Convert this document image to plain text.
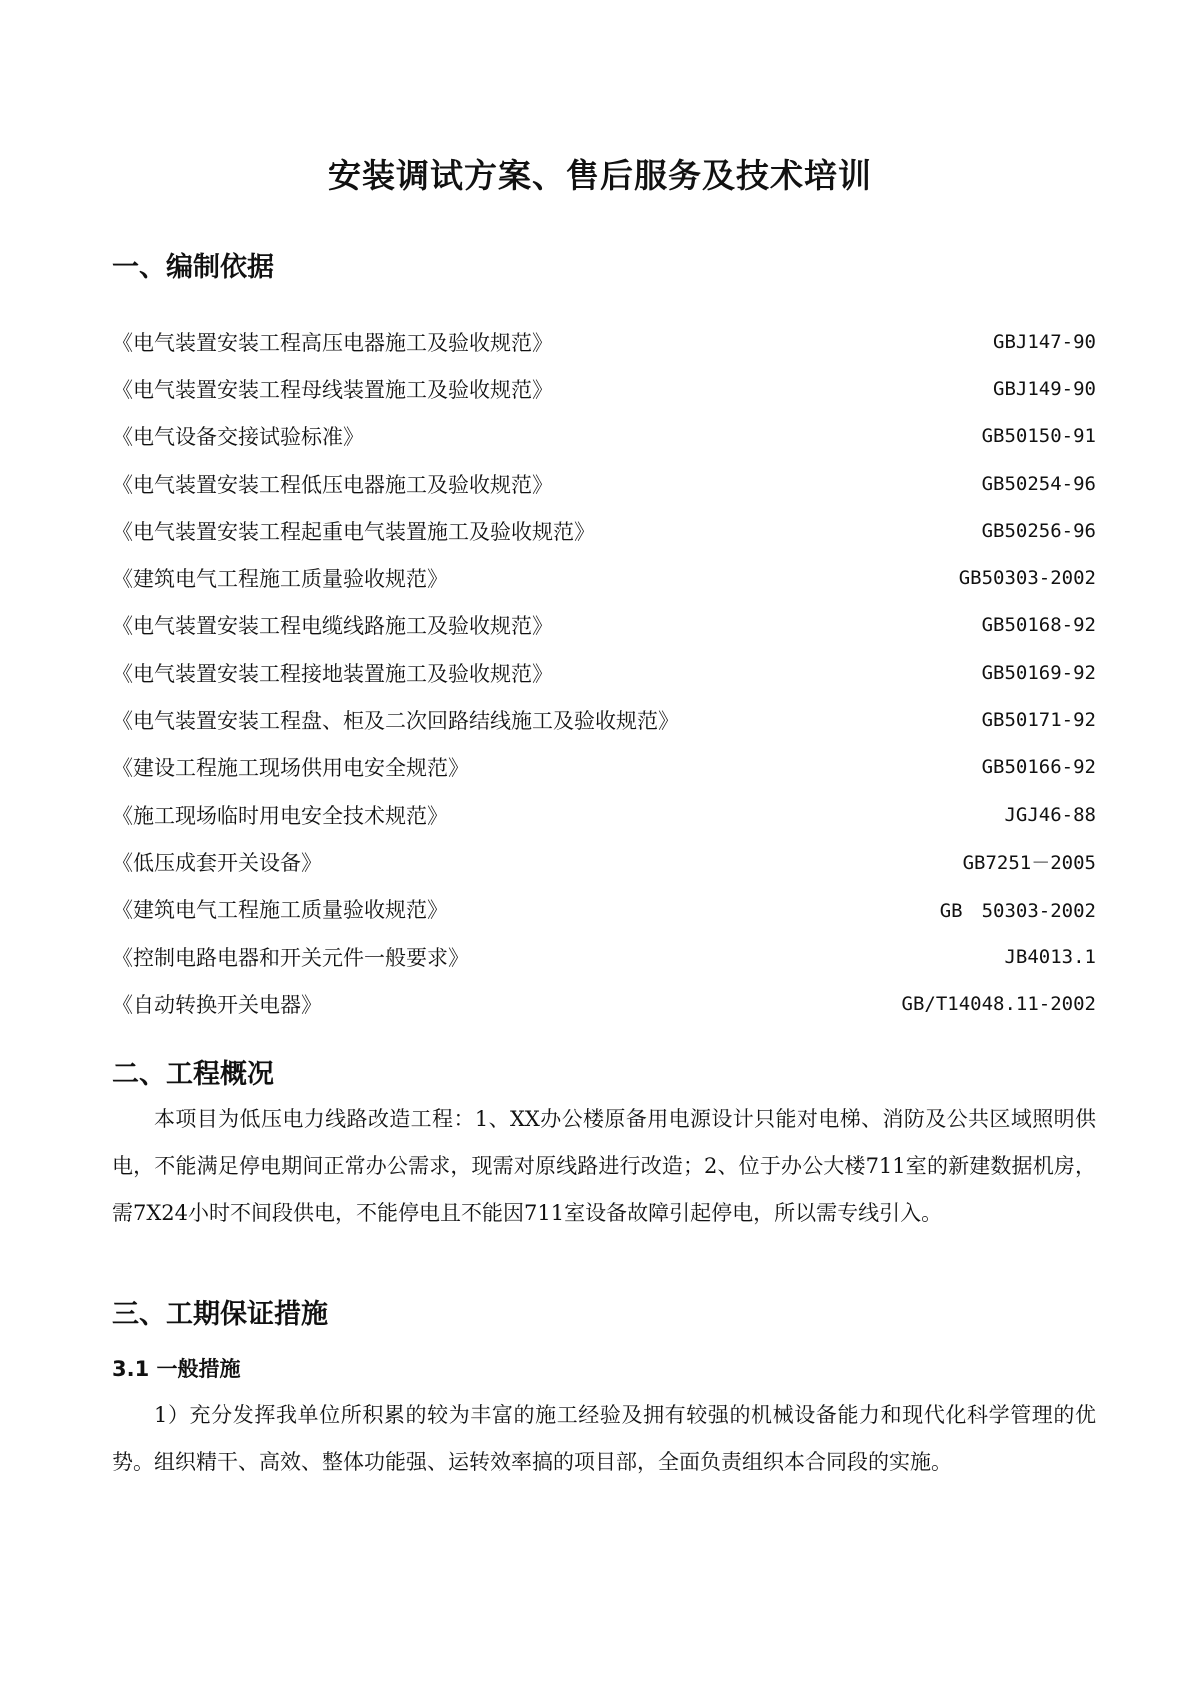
安装调试方案、售后服务及技术培训
一、编制依据
《电气装置安装工程高压电器施工及验收规范》	GBJ147-90
《电气装置安装工程母线装置施工及验收规范》	GBJ149-90
《电气设备交接试验标准》	GB50150-91
《电气装置安装工程低压电器施工及验收规范》	GB50254-96
《电气装置安装工程起重电气装置施工及验收规范》	GB50256-96
《建筑电气工程施工质量验收规范》	GB50303-2002
《电气装置安装工程电缆线路施工及验收规范》	GB50168-92
《电气装置安装工程接地装置施工及验收规范》	GB50169-92
《电气装置安装工程盘、柜及二次回路结线施工及验收规范》	GB50171-92
《建设工程施工现场供用电安全规范》	GB50166-92
《施工现场临时用电安全技术规范》	JGJ46-88
《低压成套开关设备》	GB7251－2005
《建筑电气工程施工质量验收规范》	GB　50303-2002
《控制电路电器和开关元件一般要求》	JB4013.1
《自动转换开关电器》	GB/T14048.11-2002
二、工程概况
本项目为低压电力线路改造工程：1、XX办公楼原备用电源设计只能对电梯、消防及公共区域照明供电，不能满足停电期间正常办公需求，现需对原线路进行改造；2、位于办公大楼711室的新建数据机房，需7X24小时不间段供电，不能停电且不能因711室设备故障引起停电，所以需专线引入。
三、工期保证措施
3.1 一般措施
1）充分发挥我单位所积累的较为丰富的施工经验及拥有较强的机械设备能力和现代化科学管理的优势。组织精干、高效、整体功能强、运转效率搞的项目部，全面负责组织本合同段的实施。
